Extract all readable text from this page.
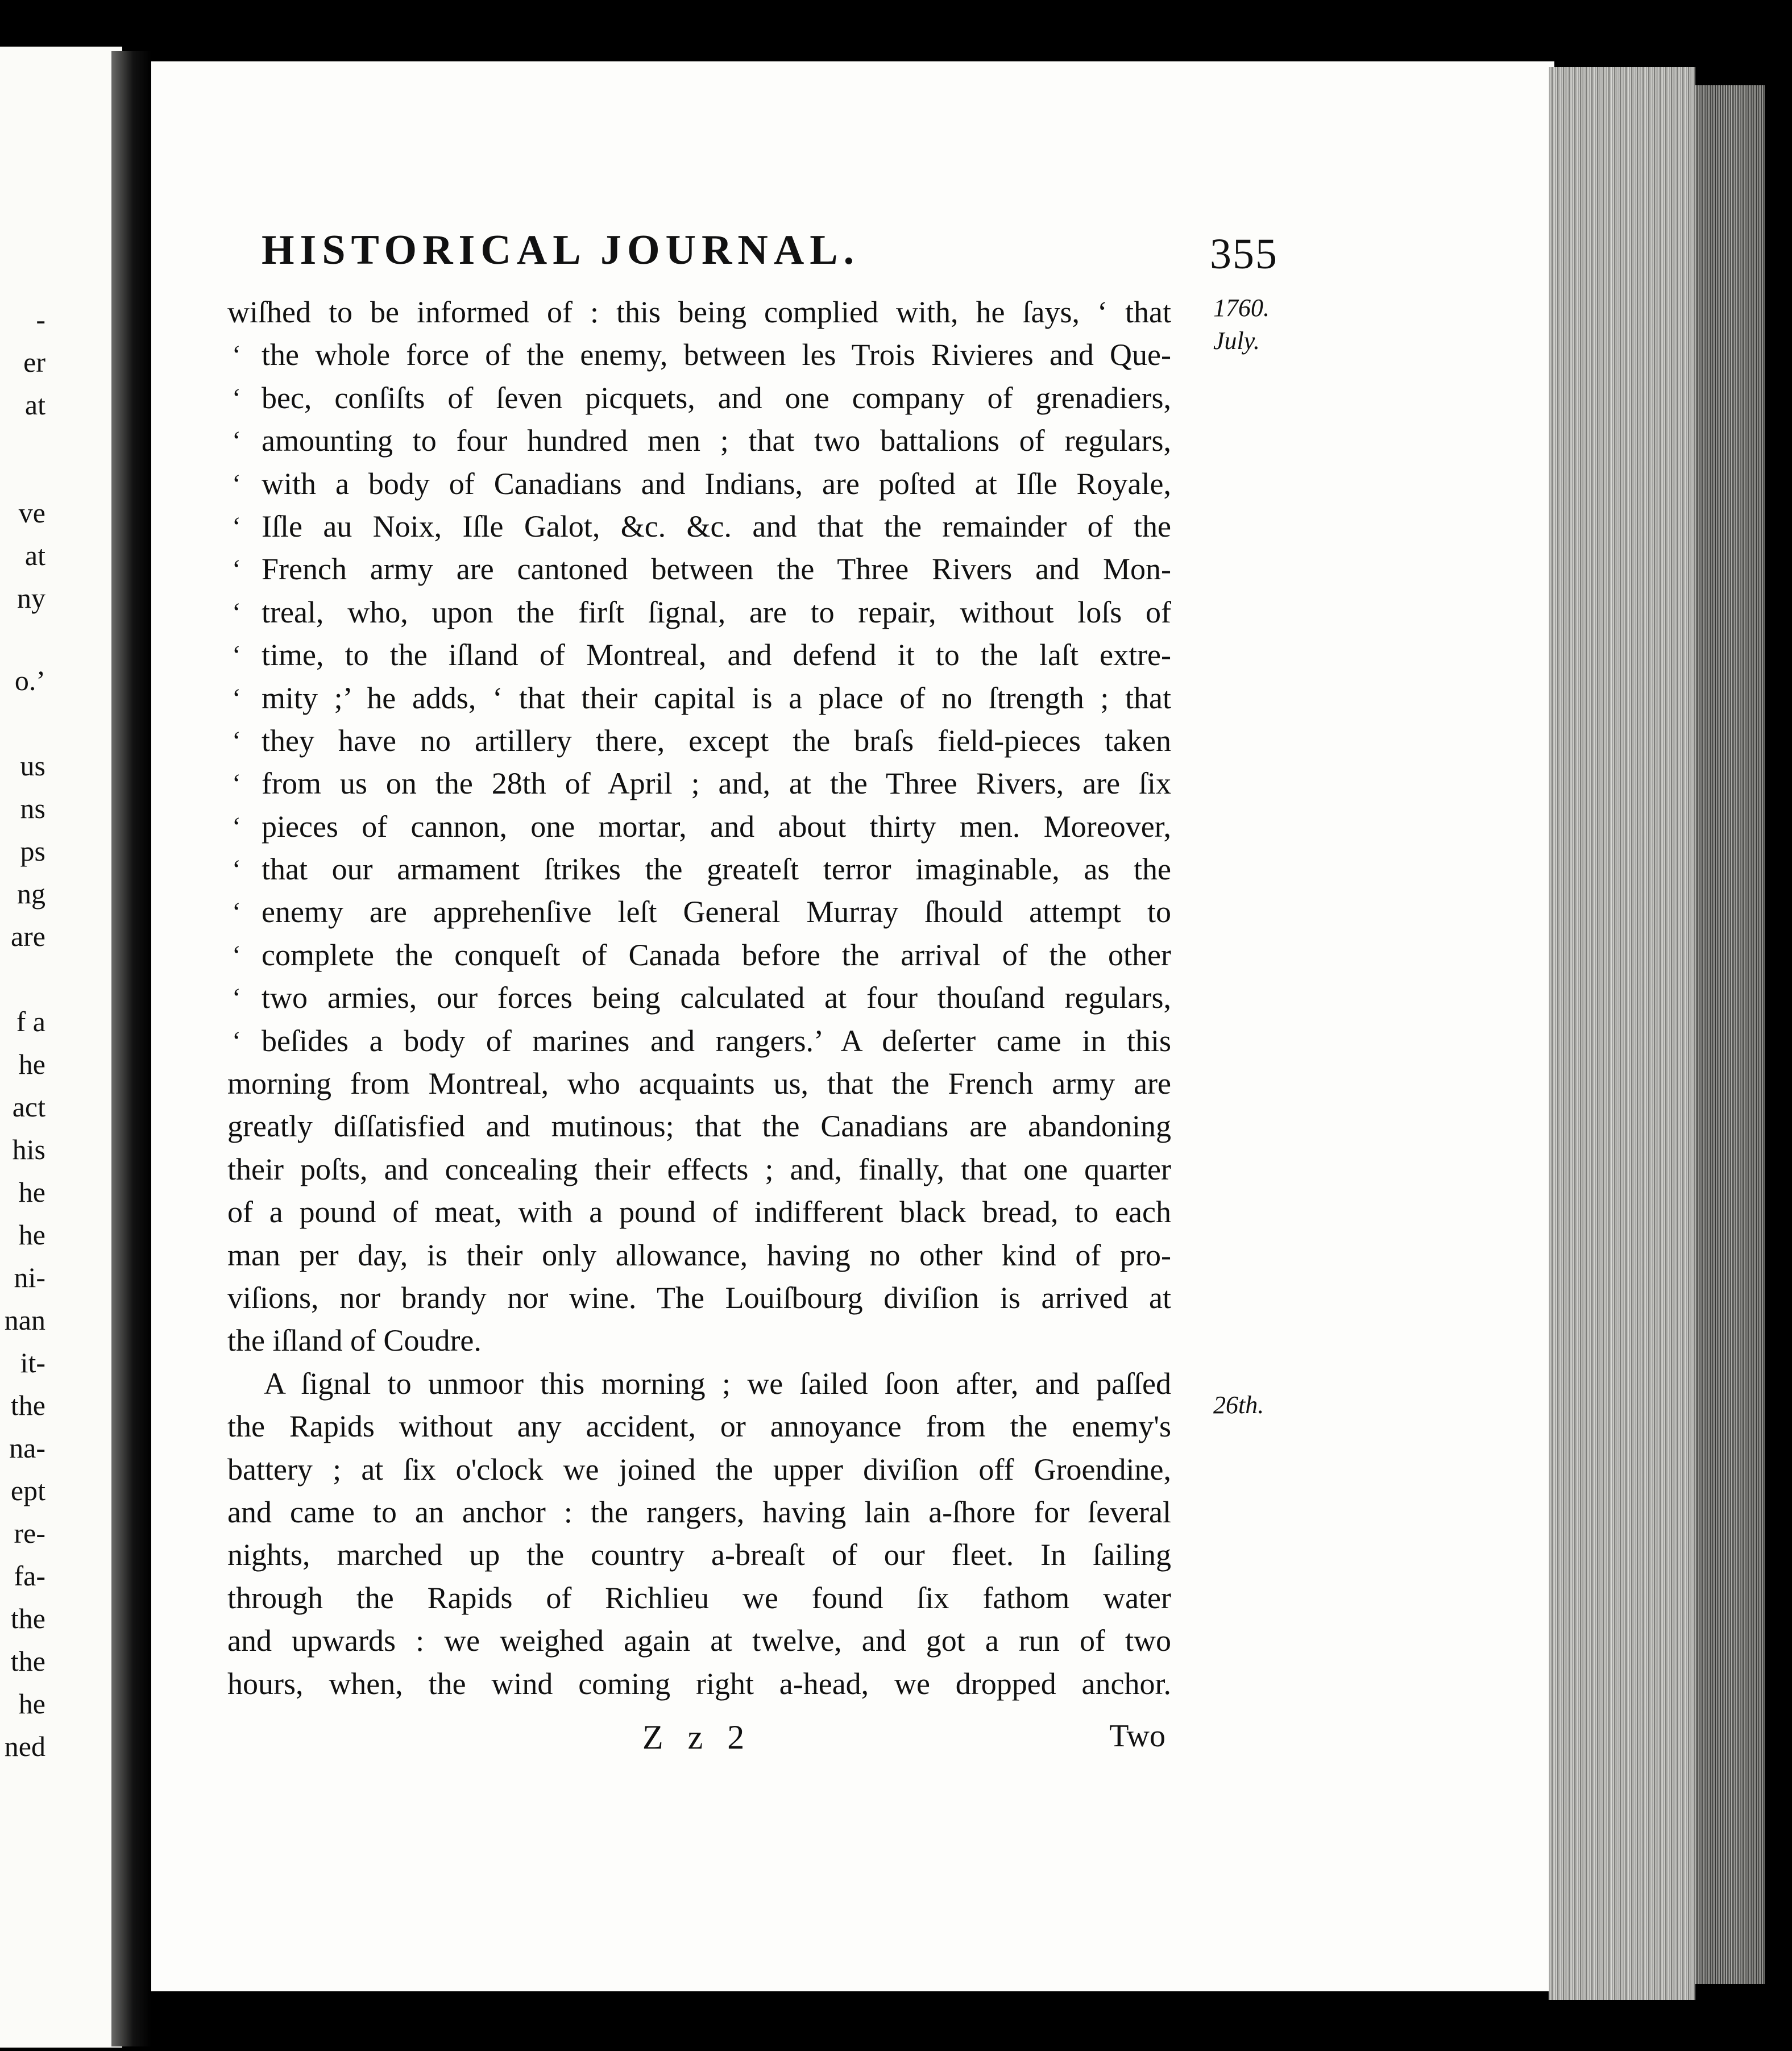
-
er
at
ve
at
ny
o.’
us
ns
ps
ng
are
f a
he
act
his
he
he
ni-
nan
it-
the
na-
ept
re-
fa-
the
the
he
ned
HISTORICAL JOURNAL.	355
1760.
July.
26th.
wiſhed to be informed of : this being complied with, he ſays, ‘ that
‘ the whole force of the enemy, between les Trois Rivieres and Que-
‘ bec, conſiſts of ſeven picquets, and one company of grenadiers,
‘ amounting to four hundred men ; that two battalions of regulars,
‘ with a body of Canadians and Indians, are poſted at Iſle Royale,
‘ Iſle au Noix, Iſle Galot, &c. &c. and that the remainder of the
‘ French army are cantoned between the Three Rivers and Mon-
‘ treal, who, upon the firſt ſignal, are to repair, without loſs of
‘ time, to the iſland of Montreal, and defend it to the laſt extre-
‘ mity ;’ he adds, ‘ that their capital is a place of no ſtrength ; that
‘ they have no artillery there, except the braſs field-pieces taken
‘ from us on the 28th of April ; and, at the Three Rivers, are ſix
‘ pieces of cannon, one mortar, and about thirty men. Moreover,
‘ that our armament ſtrikes the greateſt terror imaginable, as the
‘ enemy are apprehenſive leſt General Murray ſhould attempt to
‘ complete the conqueſt of Canada before the arrival of the other
‘ two armies, our forces being calculated at four thouſand regulars,
‘ beſides a body of marines and rangers.’ A deſerter came in this
morning from Montreal, who acquaints us, that the French army are
greatly diſſatisfied and mutinous; that the Canadians are abandoning
their poſts, and concealing their effects ; and, finally, that one quarter
of a pound of meat, with a pound of indifferent black bread, to each
man per day, is their only allowance, having no other kind of pro-
viſions, nor brandy nor wine. The Louiſbourg diviſion is arrived at
the iſland of Coudre.
A ſignal to unmoor this morning ; we ſailed ſoon after, and paſſed
the Rapids without any accident, or annoyance from the enemy's
battery ; at ſix o'clock we joined the upper diviſion off Groendine,
and came to an anchor : the rangers, having lain a-ſhore for ſeveral
nights, marched up the country a-breaſt of our fleet. In ſailing
through the Rapids of Richlieu we found ſix fathom water
and upwards : we weighed again at twelve, and got a run of two
hours, when, the wind coming right a-head, we dropped anchor.
Z z 2	Two
